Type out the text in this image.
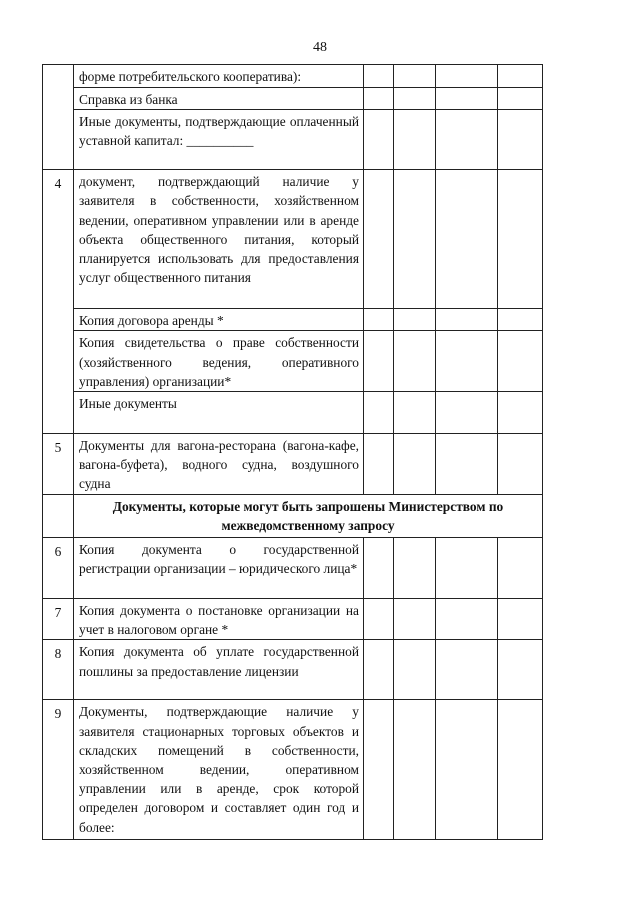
48
	форме потребительского кооператива):				
	Справка из банка				
	Иные документы, подтверждающие оплаченный уставной капитал: __________				
4	документ, подтверждающий наличие у заявителя в собственности, хозяйственном ведении, оперативном управлении или в аренде объекта общественного питания, который планируется использовать для предоставления услуг общественного питания				
	Копия договора аренды *				
	Копия свидетельства о праве собственности (хозяйственного ведения, оперативного управления) организации*				
	Иные документы				
5	Документы для вагона-ресторана (вагона-кафе, вагона-буфета), водного судна, воздушного судна				
	Документы, которые могут быть запрошены Министерством по межведомственному запросу				
6	Копия документа о государственной регистрации организации – юридического лица*				
7	Копия документа о постановке организации на учет в налоговом органе *				
8	Копия документа об уплате государственной пошлины за предоставление лицензии				
9	Документы, подтверждающие наличие у заявителя стационарных торговых объектов и складских помещений в собственности, хозяйственном ведении, оперативном управлении или в аренде, срок которой определен договором и составляет один год и более:				
